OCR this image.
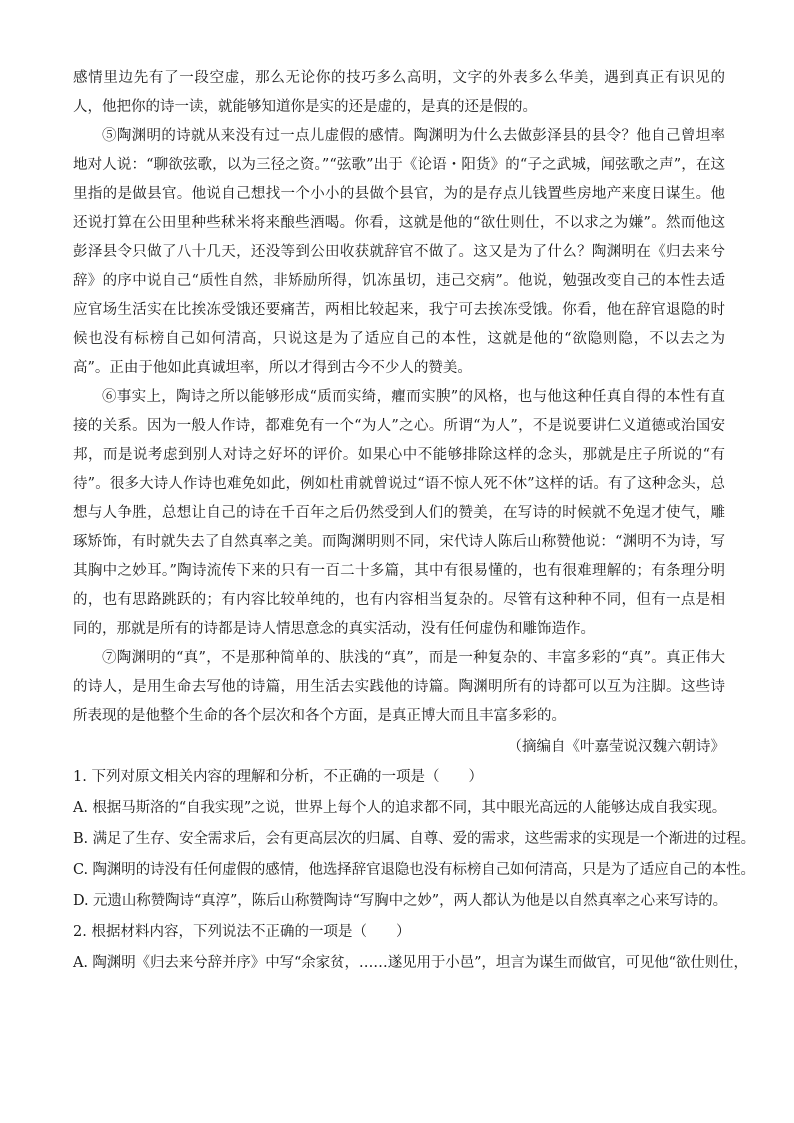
感情里边先有了一段空虚，那么无论你的技巧多么高明，文字的外表多么华美，遇到真正有识见的人，他把你的诗一读，就能够知道你是实的还是虚的，是真的还是假的。

⑤陶渊明的诗就从来没有过一点儿虚假的感情。陶渊明为什么去做彭泽县的县令？他自己曾坦率地对人说：“聊欲弦歌，以为三径之资。”“弦歌”出于《论语・阳货》的“子之武城，闻弦歌之声”，在这里指的是做县官。他说自己想找一个小小的县做个县官，为的是存点儿钱置些房地产来度日谋生。他还说打算在公田里种些秫米将来酿些酒喝。你看，这就是他的“欲仕则仕，不以求之为嫌”。然而他这彭泽县令只做了八十几天，还没等到公田收获就辞官不做了。这又是为了什么？陶渊明在《归去来兮辞》的序中说自己“质性自然，非矫励所得，饥冻虽切，违己交病”。他说，勉强改变自己的本性去适应官场生活实在比挨冻受饿还要痛苦，两相比较起来，我宁可去挨冻受饿。你看，他在辞官退隐的时候也没有标榜自己如何清高，只说这是为了适应自己的本性，这就是他的“欲隐则隐，不以去之为高”。正由于他如此真诚坦率，所以才得到古今不少人的赞美。

⑥事实上，陶诗之所以能够形成“质而实绮，癯而实腴”的风格，也与他这种任真自得的本性有直接的关系。因为一般人作诗，都难免有一个“为人”之心。所谓“为人”，不是说要讲仁义道德或治国安邦，而是说考虑到别人对诗之好坏的评价。如果心中不能够排除这样的念头，那就是庄子所说的“有待”。很多大诗人作诗也难免如此，例如杜甫就曾说过“语不惊人死不休”这样的话。有了这种念头，总想与人争胜，总想让自己的诗在千百年之后仍然受到人们的赞美，在写诗的时候就不免逞才使气，雕琢矫饰，有时就失去了自然真率之美。而陶渊明则不同，宋代诗人陈后山称赞他说：“渊明不为诗，写其胸中之妙耳。”陶诗流传下来的只有一百二十多篇，其中有很易懂的，也有很难理解的；有条理分明的，也有思路跳跃的；有内容比较单纯的，也有内容相当复杂的。尽管有这种种不同，但有一点是相同的，那就是所有的诗都是诗人情思意念的真实活动，没有任何虚伪和雕饰造作。

⑦陶渊明的“真”，不是那种简单的、肤浅的“真”，而是一种复杂的、丰富多彩的“真”。真正伟大的诗人，是用生命去写他的诗篇，用生活去实践他的诗篇。陶渊明所有的诗都可以互为注脚。这些诗所表现的是他整个生命的各个层次和各个方面，是真正博大而且丰富多彩的。

（摘编自《叶嘉莹说汉魏六朝诗》

1. 下列对原文相关内容的理解和分析，不正确的一项是（　　）

A. 根据马斯洛的“自我实现”之说，世界上每个人的追求都不同，其中眼光高远的人能够达成自我实现。

B. 满足了生存、安全需求后，会有更高层次的归属、自尊、爱的需求，这些需求的实现是一个渐进的过程。

C. 陶渊明的诗没有任何虚假的感情，他选择辞官退隐也没有标榜自己如何清高，只是为了适应自己的本性。

D. 元遗山称赞陶诗“真淳”，陈后山称赞陶诗“写胸中之妙”，两人都认为他是以自然真率之心来写诗的。

2. 根据材料内容，下列说法不正确的一项是（　　）

A. 陶渊明《归去来兮辞并序》中写“余家贫，……遂见用于小邑”，坦言为谋生而做官，可见他“欲仕则仕，
